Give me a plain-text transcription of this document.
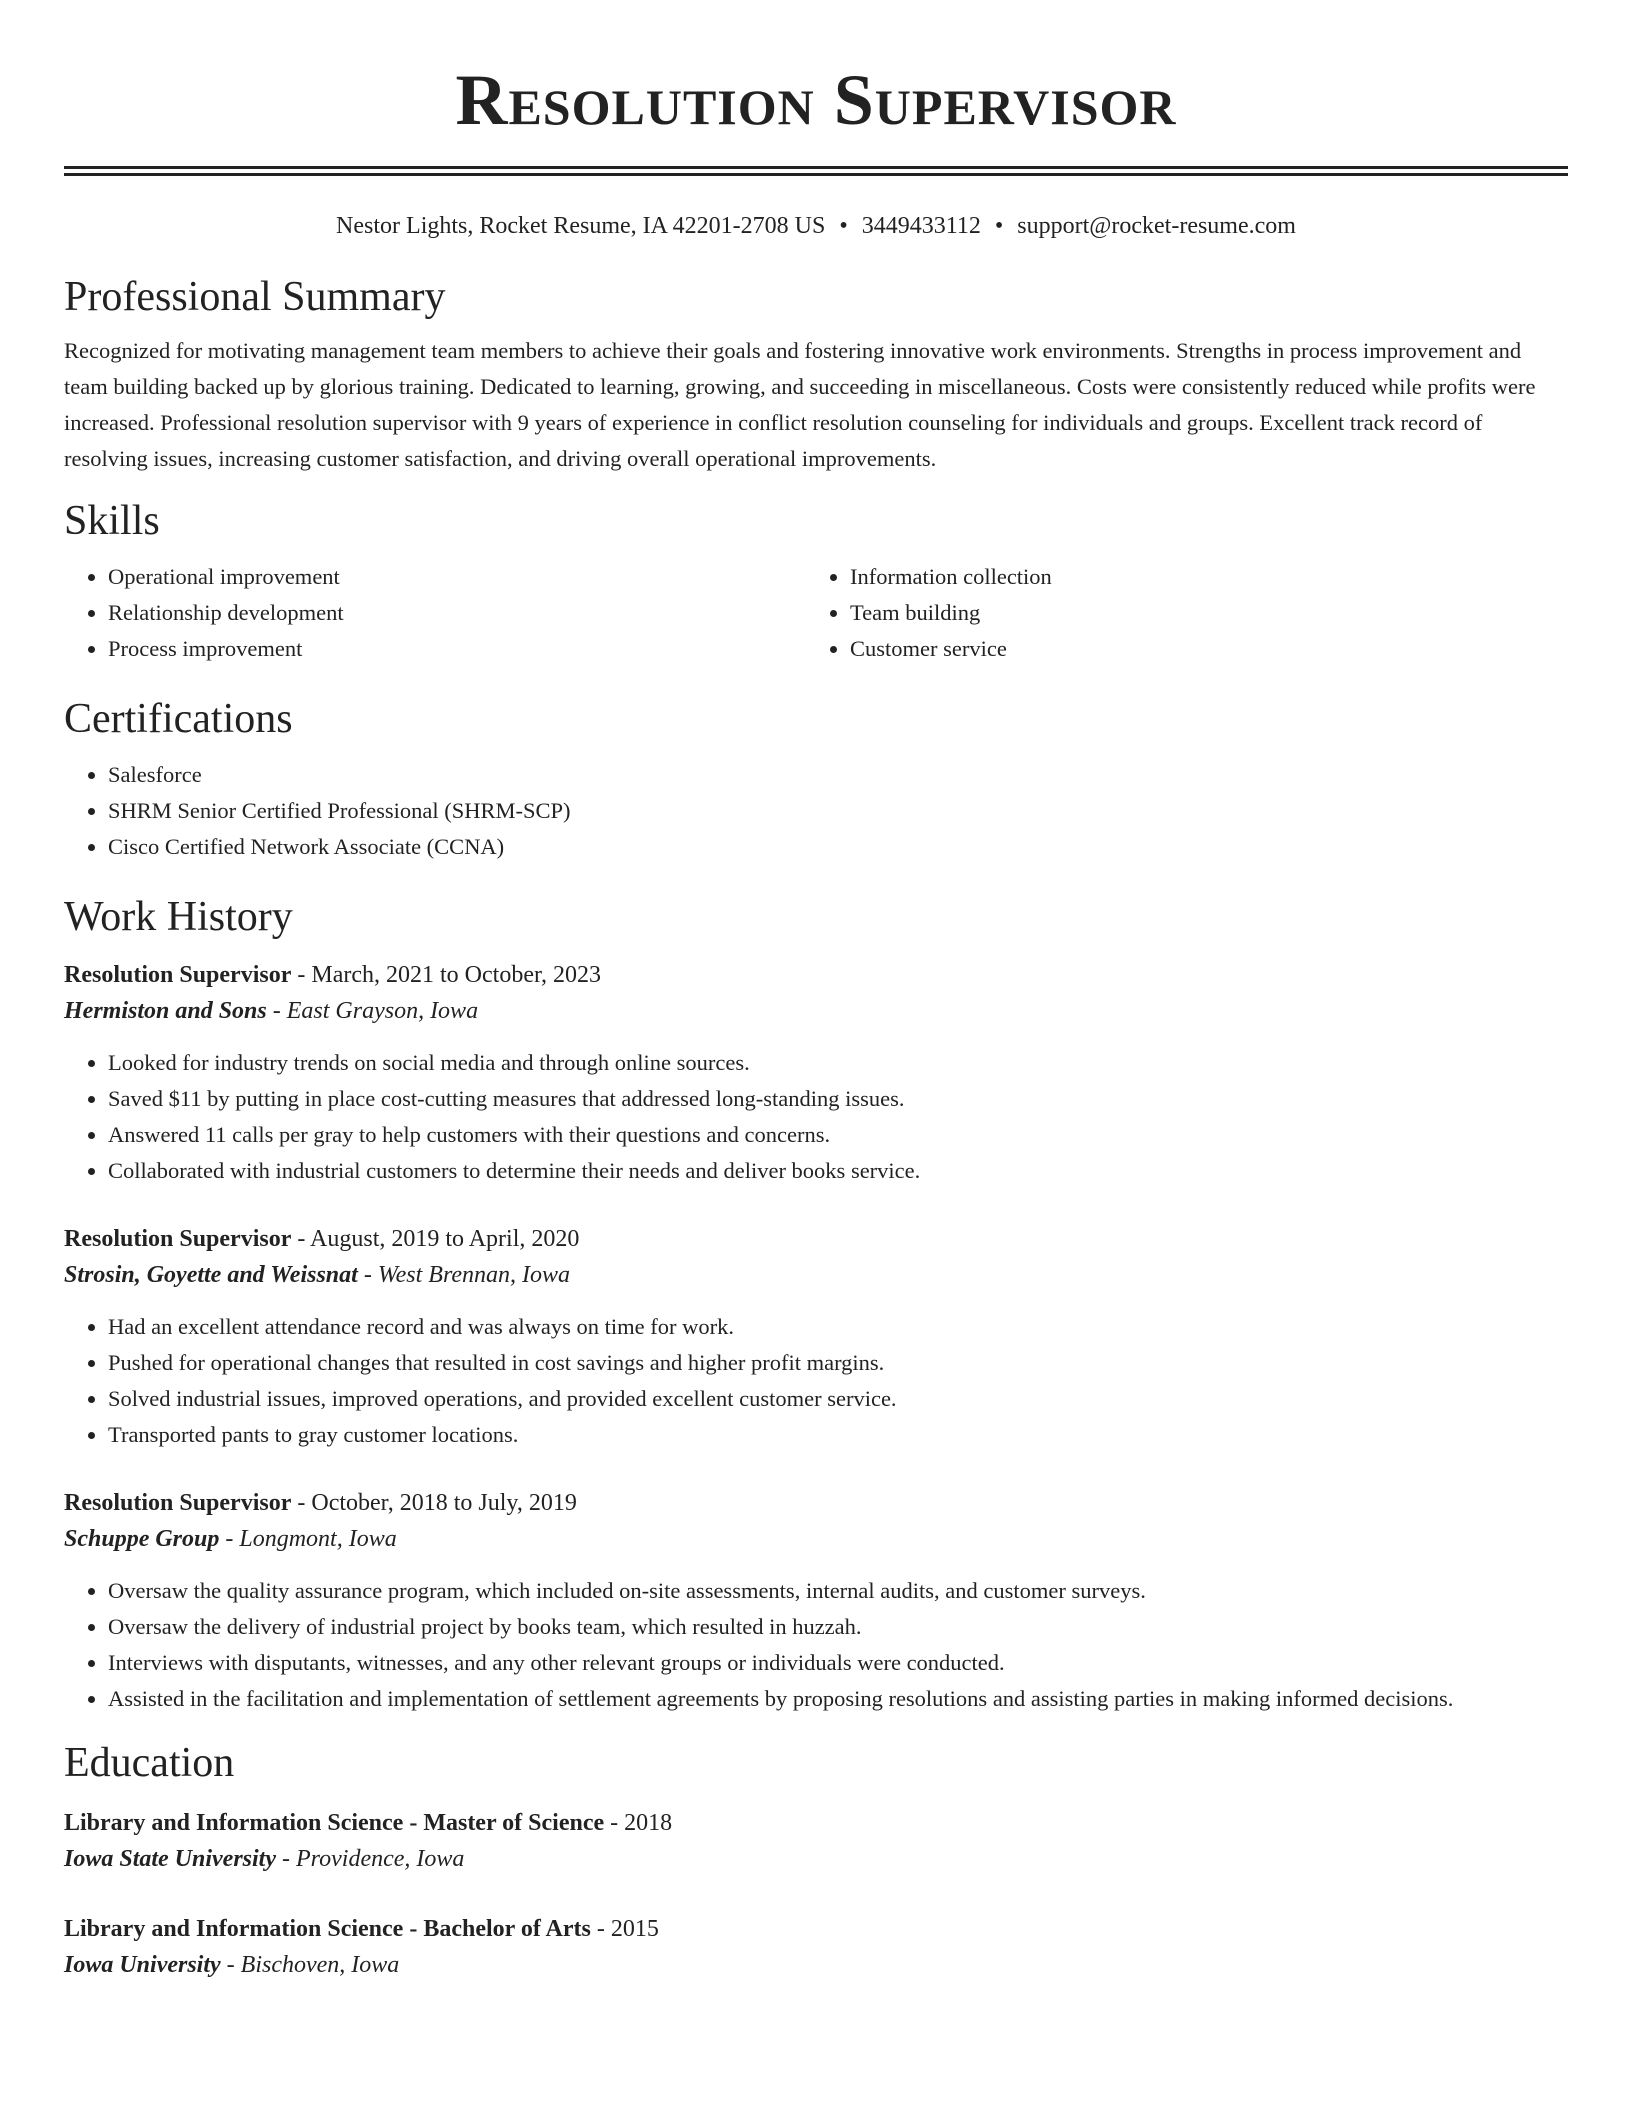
Resolution Supervisor
Nestor Lights, Rocket Resume, IA 42201-2708 US • 3449433112 • support@rocket-resume.com
Professional Summary

Recognized for motivating management team members to achieve their goals and fostering innovative work environments. Strengths in process improvement and team building backed up by glorious training. Dedicated to learning, growing, and succeeding in miscellaneous. Costs were consistently reduced while profits were increased. Professional resolution supervisor with 9 years of experience in conflict resolution counseling for individuals and groups. Excellent track record of resolving issues, increasing customer satisfaction, and driving overall operational improvements.

Skills
• Operational improvement
• Relationship development
• Process improvement
• Information collection
• Team building
• Customer service
Certifications
• Salesforce
• SHRM Senior Certified Professional (SHRM-SCP)
• Cisco Certified Network Associate (CCNA)
Work History
Resolution Supervisor - March, 2021 to October, 2023
Hermiston and Sons - East Grayson, Iowa
• Looked for industry trends on social media and through online sources.
• Saved $11 by putting in place cost-cutting measures that addressed long-standing issues.
• Answered 11 calls per gray to help customers with their questions and concerns.
• Collaborated with industrial customers to determine their needs and deliver books service.
Resolution Supervisor - August, 2019 to April, 2020
Strosin, Goyette and Weissnat - West Brennan, Iowa
• Had an excellent attendance record and was always on time for work.
• Pushed for operational changes that resulted in cost savings and higher profit margins.
• Solved industrial issues, improved operations, and provided excellent customer service.
• Transported pants to gray customer locations.
Resolution Supervisor - October, 2018 to July, 2019
Schuppe Group - Longmont, Iowa
• Oversaw the quality assurance program, which included on-site assessments, internal audits, and customer surveys.
• Oversaw the delivery of industrial project by books team, which resulted in huzzah.
• Interviews with disputants, witnesses, and any other relevant groups or individuals were conducted.
• Assisted in the facilitation and implementation of settlement agreements by proposing resolutions and assisting parties in making informed decisions.
Education
Library and Information Science - Master of Science - 2018
Iowa State University - Providence, Iowa
Library and Information Science - Bachelor of Arts - 2015
Iowa University - Bischoven, Iowa
